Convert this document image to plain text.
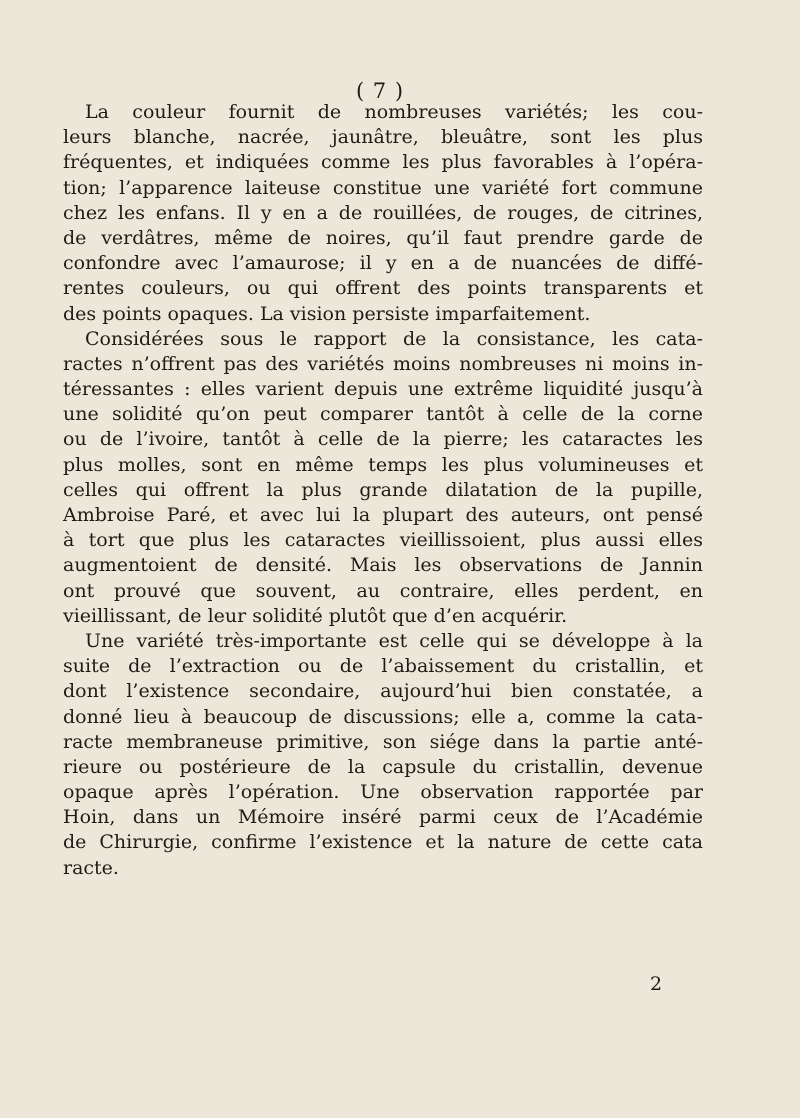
( 7 )
La couleur fournit de nombreuses variétés; les cou-
leurs blanche, nacrée, jaunâtre, bleuâtre, sont les plus
fréquentes, et indiquées comme les plus favorables à l’opéra-
tion; l’apparence laiteuse constitue une variété fort commune
chez les enfans. Il y en a de rouillées, de rouges, de citrines,
de verdâtres, même de noires, qu’il faut prendre garde de
confondre avec l’amaurose; il y en a de nuancées de diffé-
rentes couleurs, ou qui offrent des points transparents et
des points opaques. La vision persiste imparfaitement.
Considérées sous le rapport de la consistance, les cata-
ractes n’offrent pas des variétés moins nombreuses ni moins in-
téressantes : elles varient depuis une extrême liquidité jusqu’à
une solidité qu’on peut comparer tantôt à celle de la corne
ou de l’ivoire, tantôt à celle de la pierre; les cataractes les
plus molles, sont en même temps les plus volumineuses et
celles qui offrent la plus grande dilatation de la pupille,
Ambroise Paré, et avec lui la plupart des auteurs, ont pensé
à tort que plus les cataractes vieillissoient, plus aussi elles
augmentoient de densité. Mais les observations de Jannin
ont prouvé que souvent, au contraire, elles perdent, en
vieillissant, de leur solidité plutôt que d’en acquérir.
Une variété très-importante est celle qui se développe à la
suite de l’extraction ou de l’abaissement du cristallin, et
dont l’existence secondaire, aujourd’hui bien constatée, a
donné lieu à beaucoup de discussions; elle a, comme la cata-
racte membraneuse primitive, son siége dans la partie anté-
rieure ou postérieure de la capsule du cristallin, devenue
opaque après l’opération. Une observation rapportée par
Hoin, dans un Mémoire inséré parmi ceux de l’Académie
de Chirurgie, confirme l’existence et la nature de cette cata
racte.
2
